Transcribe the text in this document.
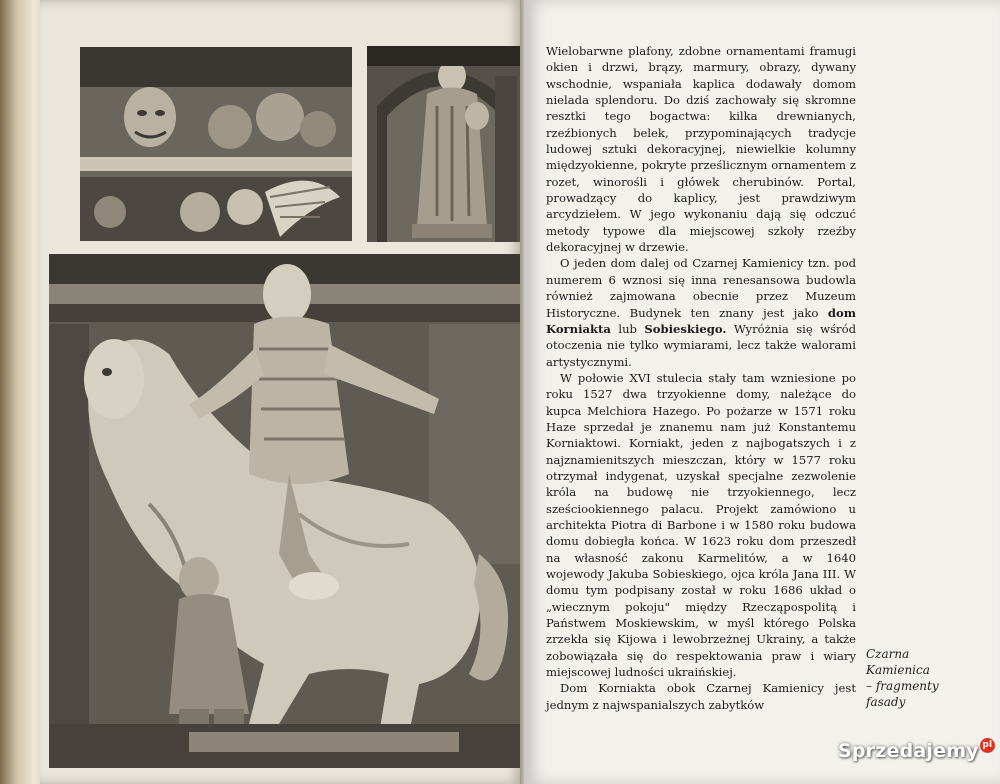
Wielobarwne plafony, zdobne ornamentami framugi okien i drzwi, brązy, marmury, obrazy, dywany wschodnie, wspaniała kaplica dodawały domom nielada splendoru. Do dziś zachowały się skromne resztki tego bogactwa: kilka drewnianych, rzeźbionych belek, przypominających tradycje ludowej sztuki dekoracyjnej, niewielkie kolumny międzyokienne, pokryte prześlicznym ornamentem z rozet, winorośli i główek cherubinów. Portal, prowadzący do kaplicy, jest prawdziwym arcydziełem. W jego wykonaniu dają się odczuć metody typowe dla miejscowej szkoły rzeźby dekoracyjnej w drzewie.

O jeden dom dalej od Czarnej Kamienicy tzn. pod numerem 6 wznosi się inna renesansowa budowla również zajmowana obecnie przez Muzeum Historyczne. Budynek ten znany jest jako dom Korniakta lub Sobieskiego. Wyróżnia się wśród otoczenia nie tylko wymiarami, lecz także walorami artystycznymi.

W połowie XVI stulecia stały tam wzniesione po roku 1527 dwa trzyokienne domy, należące do kupca Melchiora Hazego. Po pożarze w 1571 roku Haze sprzedał je znanemu nam już Konstantemu Korniaktowi. Korniakt, jeden z najbogatszych i z najznamienitszych mieszczan, który w 1577 roku otrzymał indygenat, uzyskał specjalne zezwolenie króla na budowę nie trzyokiennego, lecz sześciookiennego palacu. Projekt zamówiono u architekta Piotra di Barbone i w 1580 roku budowa domu dobiegła końca. W 1623 roku dom przeszedł na własność zakonu Karmelitów, a w 1640 wojewody Jakuba Sobieskiego, ojca króla Jana III. W domu tym podpisany został w roku 1686 układ o „wiecznym pokoju" między Rzecząpospolitą i Państwem Moskiewskim, w myśl którego Polska zrzekła się Kijowa i lewobrzeżnej Ukrainy, a także zobowiązała się do respektowania praw i wiary miejscowej ludności ukraińskiej.

Dom Korniakta obok Czarnej Kamienicy jest jednym z najwspanialszych zabytków

Czarna
Kamienica
– fragmenty
fasady
Sprzedajemy pl
